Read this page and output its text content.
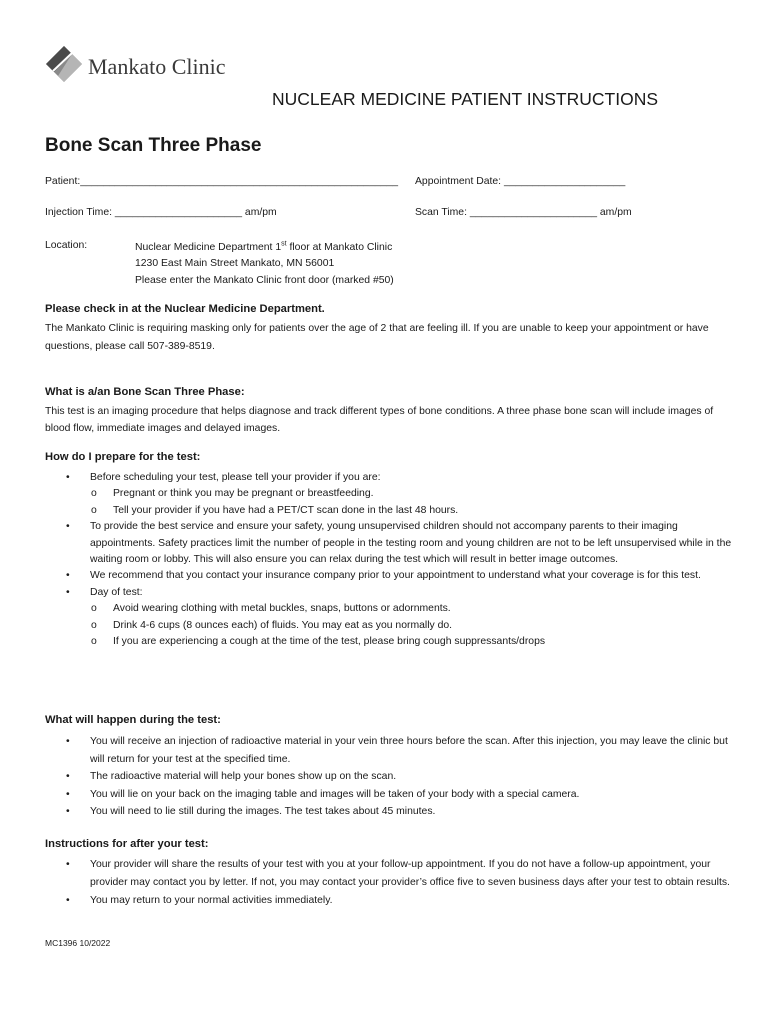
Mankato Clinic
NUCLEAR MEDICINE PATIENT INSTRUCTIONS
Bone Scan Three Phase
Patient:_______________________________________________________ Appointment Date: _____________________
Injection Time: ______________________ am/pm	Scan Time: ______________________ am/pm
Location:	Nuclear Medicine Department 1st floor at Mankato Clinic
1230 East Main Street Mankato, MN 56001
Please enter the Mankato Clinic front door (marked #50)
Please check in at the Nuclear Medicine Department.
The Mankato Clinic is requiring masking only for patients over the age of 2 that are feeling ill. If you are unable to keep your appointment or have questions, please call 507-389-8519.
What is a/an Bone Scan Three Phase:
This test is an imaging procedure that helps diagnose and track different types of bone conditions. A three phase bone scan will include images of blood flow, immediate images and delayed images.
How do I prepare for the test:
• Before scheduling your test, please tell your provider if you are:
o Pregnant or think you may be pregnant or breastfeeding.
o Tell your provider if you have had a PET/CT scan done in the last 48 hours.
• To provide the best service and ensure your safety, young unsupervised children should not accompany parents to their imaging appointments. Safety practices limit the number of people in the testing room and young children are not to be left unsupervised while in the waiting room or lobby. This will also ensure you can relax during the test which will result in better image outcomes.
• We recommend that you contact your insurance company prior to your appointment to understand what your coverage is for this test.
• Day of test:
o Avoid wearing clothing with metal buckles, snaps, buttons or adornments.
o Drink 4-6 cups (8 ounces each) of fluids. You may eat as you normally do.
o If you are experiencing a cough at the time of the test, please bring cough suppressants/drops
What will happen during the test:
• You will receive an injection of radioactive material in your vein three hours before the scan. After this injection, you may leave the clinic but will return for your test at the specified time.
• The radioactive material will help your bones show up on the scan.
• You will lie on your back on the imaging table and images will be taken of your body with a special camera.
• You will need to lie still during the images. The test takes about 45 minutes.
Instructions for after your test:
• Your provider will share the results of your test with you at your follow-up appointment. If you do not have a follow-up appointment, your provider may contact you by letter. If not, you may contact your provider’s office five to seven business days after your test to obtain results.
• You may return to your normal activities immediately.
MC1396 10/2022
